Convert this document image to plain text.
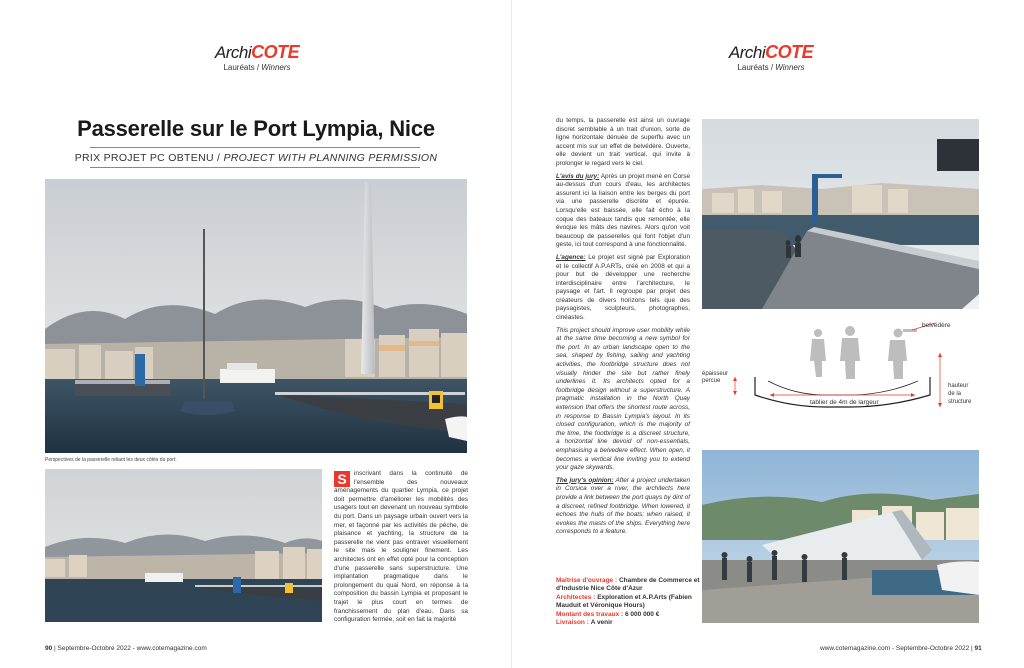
Archi COTE
Lauréats / Winners
Passerelle sur le Port Lympia, Nice
PRIX PROJET PC OBTENU / PROJECT WITH PLANNING PERMISSION
Perspectives de la passerelle reliant les deux côtés du port.
S	inscrivant dans la continuité de l'ensemble des nouveaux aménagements du quartier Lympia, ce projet doit permettre d'améliorer les mobilités des usagers tout en devenant un nouveau symbole du port. Dans un paysage urbain ouvert vers la mer, et façonné par les activités de pêche, de plaisance et yachting, la structure de la passerelle ne vient pas entraver visuellement le site mais le souligner finement. Les architectes ont en effet opté pour la conception d'une passerelle sans superstructure. Une implantation pragmatique dans le prolongement du quai Nord, en réponse à la composition du bassin Lympia et proposant le trajet le plus court en termes de franchissement du plan d'eau. Dans sa configuration fermée, soit en fait la majorité
90 | Septembre-Octobre 2022 - www.cotemagazine.com
Archi COTE
Lauréats / Winners

du temps, la passerelle est ainsi un ouvrage discret semblable à un trait d'union, sorte de ligne horizontale dénuée de superflu avec un accent mis sur un effet de belvédère. Ouverte, elle devient un trait vertical, qui invite à prolonger le regard vers le ciel.

L'avis du jury: Après un projet mené en Corse au-dessus d'un cours d'eau, les architectes assurent ici la liaison entre les berges du port via une passerelle discrète et épurée. Lorsqu'elle est baissée, elle fait écho à la coque des bateaux tandis que remontée, elle évoque les mâts des navires. Alors qu'on voit beaucoup de passerelles qui font l'objet d'un geste, ici tout correspond à une fonctionnalité.

L'agence: Le projet est signé par Exploration et le collectif A.P.ARTs, créé en 2008 et qui a pour but de développer une recherche interdisciplinaire entre l'architecture, le paysage et l'art. Il regroupe par projet des créateurs de divers horizons tels que des paysagistes, sculpteurs, photographes, cinéastes.

This project should improve user mobility while at the same time becoming a new symbol for the port. In an urban landscape open to the sea, shaped by fishing, sailing and yachting activities, the footbridge structure does not visually hinder the site but rather finely underlines it. Its architects opted for a footbridge design without a superstructure. A pragmatic installation in the North Quay extension that offers the shortest route across, in response to Bassin Lympia's layout. In its closed configuration, which is the majority of the time, the footbridge is a discreet structure, a horizontal line devoid of non-essentials, emphasising a belvedere effect. When open, it becomes a vertical line inviting you to extend your gaze skywards.

The jury's opinion: After a project undertaken in Corsica over a river, the architects here provide a link between the port quays by dint of a discreet, refined footbridge. When lowered, it echoes the hulls of the boats; when raised, it evokes the masts of the ships. Everything here corresponds to a feature.

Maîtrise d'ouvrage : Chambre de Commerce et d'Industrie Nice Côte d'Azur
Architectes : Exploration et A.P.Arts (Fabien Mauduit et Véronique Hours)
Montant des travaux : 6 000 000 €
Livraison : A venir
belvédère
épaisseur
percue
tablier de 4m de largeur
hauteur
de la
structure
www.cotemagazine.com - Septembre-Octobre 2022 | 91
